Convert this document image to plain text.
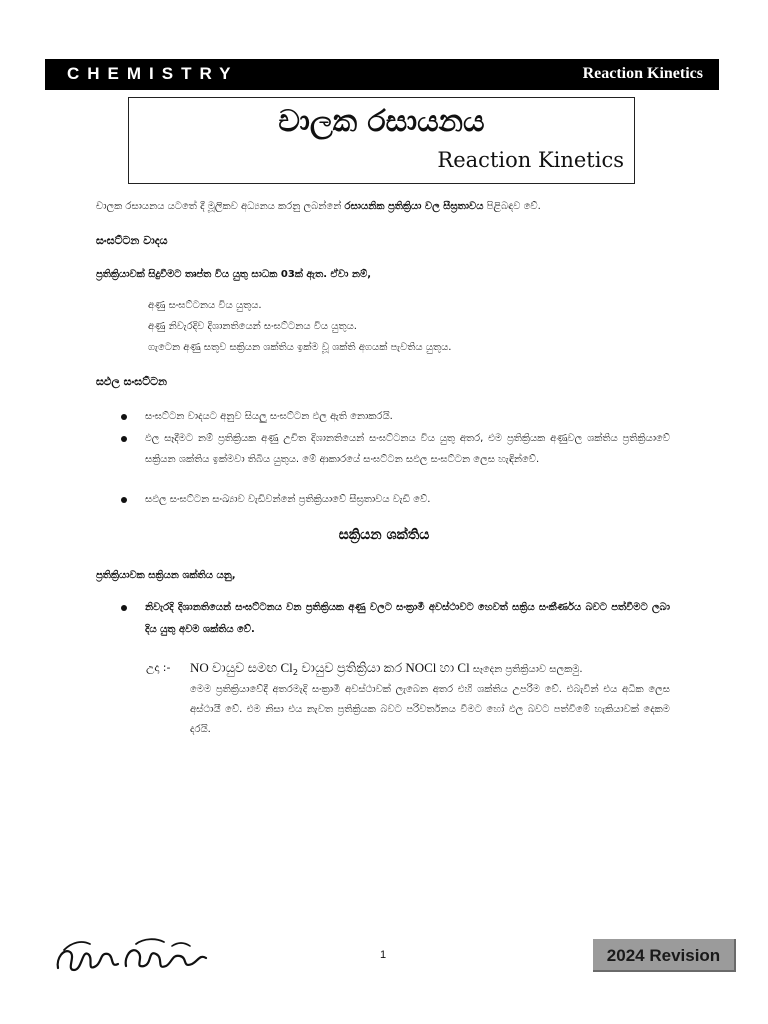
CHEMISTRY	Reaction Kinetics
චාලක රසායනය
Reaction Kinetics
චාලක රසායනය යටතේ දී මූලිකව අධ්‍යනය කරනු ලබන්නේ රසායනික ප්‍රතික්‍රියා වල සීඝ්‍රතාවය පිළිබඳව වේ.
සංඝට්ටන වාදය
ප්‍රතික්‍රියාවක් සිදුවීමට තෘප්ත විය යුතු සාධක 03ක් ඇත. ඒවා නම්,
අණු සංඝට්ටනය විය යුතුය.
අණු නිවැරදිව දිශානතියෙන් සංඝට්ටනය විය යුතුය.
ගැටෙන අණු සතුව සක්‍රියන ශක්තිය ඉක්ම වූ ශක්ති අගයක් පැවතිය යුතුය.
සඵල සංඝට්ටන
සංඝට්ටන වාදයට අනුව සියලු සංඝට්ටන ඵල ඇති නොකරයි.
ඵල සෑදීමට නම් ප්‍රතික්‍රියක අණු උචිත දිශානතියෙන් සංඝට්ටනය විය යුතු අතර, එම ප්‍රතික්‍රියක අණුවල ශක්තිය ප්‍රතික්‍රියාවේ සක්‍රියන ශක්තිය ඉක්මවා තිබිය යුතුය. මේ ආකාරයේ සංඝට්ටන සඵල සංඝට්ටන ලෙස හැඳින්වේ.
සඵල සංඝට්ටන සංඛ්‍යාව වැඩිවන්නේ ප්‍රතික්‍රියාවේ සීඝ්‍රතාවය වැඩි වේ.
සක්‍රියන ශක්තිය
ප්‍රතික්‍රියාවක සක්‍රියන ශක්තිය යනු,
නිවැරදි දිශානතියෙන් සංඝට්ටනය වන ප්‍රතික්‍රියක අණු වලට සංක්‍රාමී අවස්ථාවට හෙවත් සක්‍රිය සංකීර්ණය බවට පත්වීමට ලබා දිය යුතු අවම ශක්තිය වේ.
උදා :- NO වායුව සමඟ $Cl_2$ වායුව ප්‍රතික්‍රියා කර NOCl හා Cl සෑදෙන ප්‍රතික්‍රියාව සලකමු.
මෙම ප්‍රතික්‍රියාවේදී අතරමැදි සංක්‍රාමී අවස්ථාවක් ලැබෙන අතර එහි ශක්තිය උපරිම වේ. එබැවින් එය අධික ලෙස අස්ථායී වේ. එම නිසා එය නැවත ප්‍රතික්‍රියක බවට පරිවර්තනය වීමට හෝ ඵල බවට පත්වීමේ හැකියාවක් දෙකම දරයි.
1	2024 Revision
